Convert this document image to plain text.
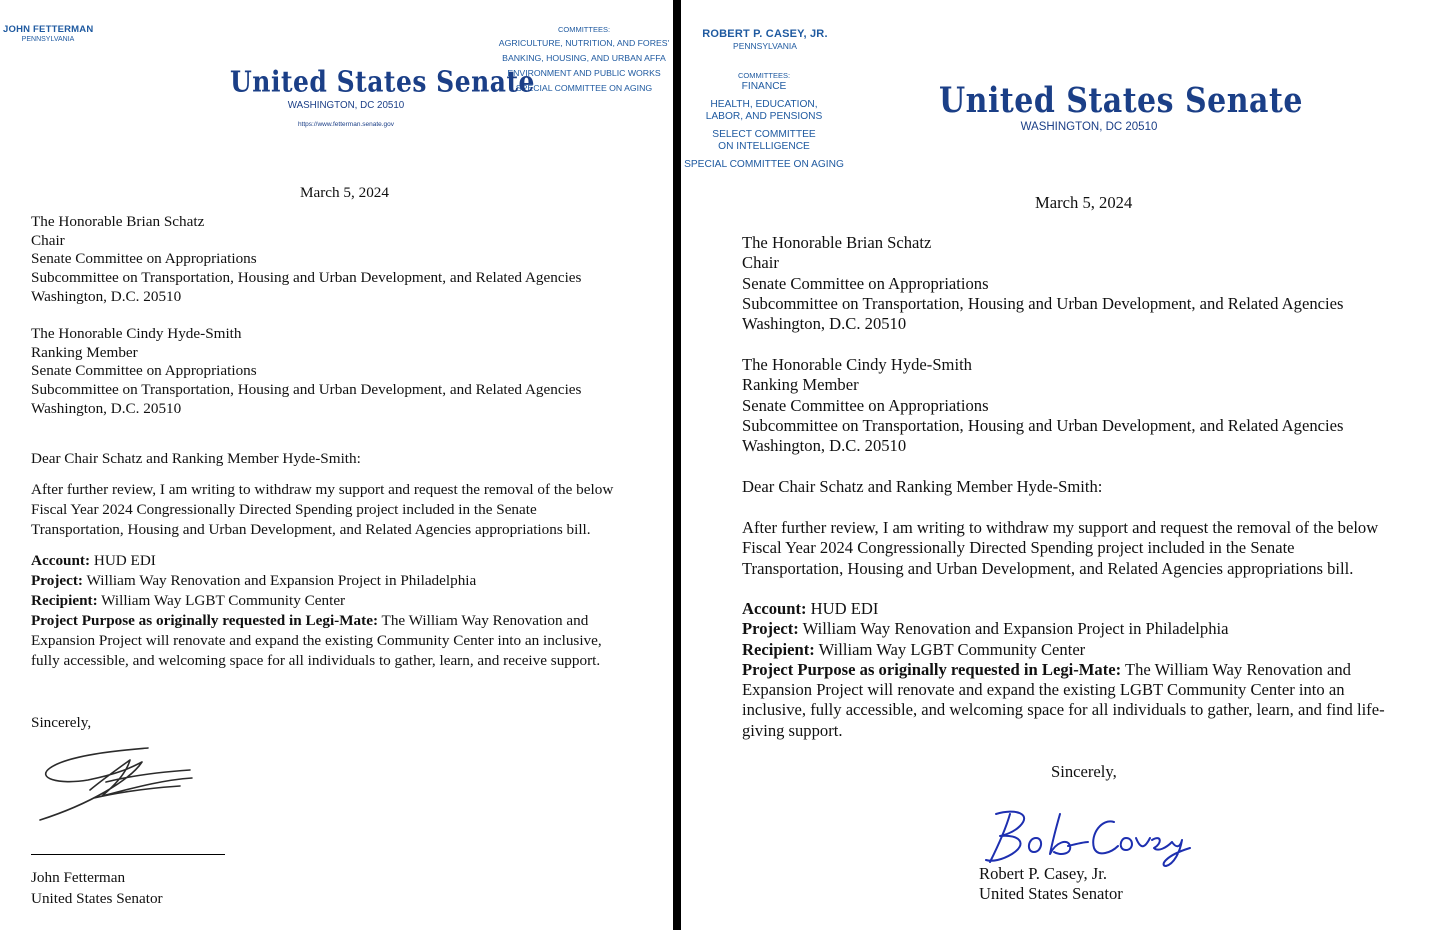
JOHN FETTERMAN
PENNSYLVANIA
COMMITTEES:
AGRICULTURE, NUTRITION, AND FORES'
BANKING, HOUSING, AND URBAN AFFA
ENVIRONMENT AND PUBLIC WORKS
SPECIAL COMMITTEE ON AGING
United States Senate
WASHINGTON, DC 20510
https://www.fetterman.senate.gov
March 5, 2024
The Honorable Brian Schatz
Chair
Senate Committee on Appropriations
Subcommittee on Transportation, Housing and Urban Development, and Related Agencies
Washington, D.C. 20510
The Honorable Cindy Hyde-Smith
Ranking Member
Senate Committee on Appropriations
Subcommittee on Transportation, Housing and Urban Development, and Related Agencies
Washington, D.C. 20510
Dear Chair Schatz and Ranking Member Hyde-Smith:
After further review, I am writing to withdraw my support and request the removal of the below
Fiscal Year 2024 Congressionally Directed Spending project included in the Senate
Transportation, Housing and Urban Development, and Related Agencies appropriations bill.
Account: HUD EDI
Project: William Way Renovation and Expansion Project in Philadelphia
Recipient: William Way LGBT Community Center
Project Purpose as originally requested in Legi-Mate: The William Way Renovation and
Expansion Project will renovate and expand the existing Community Center into an inclusive,
fully accessible, and welcoming space for all individuals to gather, learn, and receive support.
Sincerely,
John Fetterman
United States Senator
ROBERT P. CASEY, JR.
PENNSYLVANIA
COMMITTEES:
FINANCE
HEALTH, EDUCATION,
LABOR, AND PENSIONS
SELECT COMMITTEE
ON INTELLIGENCE
SPECIAL COMMITTEE ON AGING
United States Senate
WASHINGTON, DC 20510
March 5, 2024
The Honorable Brian Schatz
Chair
Senate Committee on Appropriations
Subcommittee on Transportation, Housing and Urban Development, and Related Agencies
Washington, D.C. 20510
The Honorable Cindy Hyde-Smith
Ranking Member
Senate Committee on Appropriations
Subcommittee on Transportation, Housing and Urban Development, and Related Agencies
Washington, D.C. 20510
Dear Chair Schatz and Ranking Member Hyde-Smith:
After further review, I am writing to withdraw my support and request the removal of the below
Fiscal Year 2024 Congressionally Directed Spending project included in the Senate
Transportation, Housing and Urban Development, and Related Agencies appropriations bill.
Account: HUD EDI
Project: William Way Renovation and Expansion Project in Philadelphia
Recipient: William Way LGBT Community Center
Project Purpose as originally requested in Legi-Mate: The William Way Renovation and
Expansion Project will renovate and expand the existing LGBT Community Center into an
inclusive, fully accessible, and welcoming space for all individuals to gather, learn, and find life-
giving support.
Sincerely,
Robert P. Casey, Jr.
United States Senator
